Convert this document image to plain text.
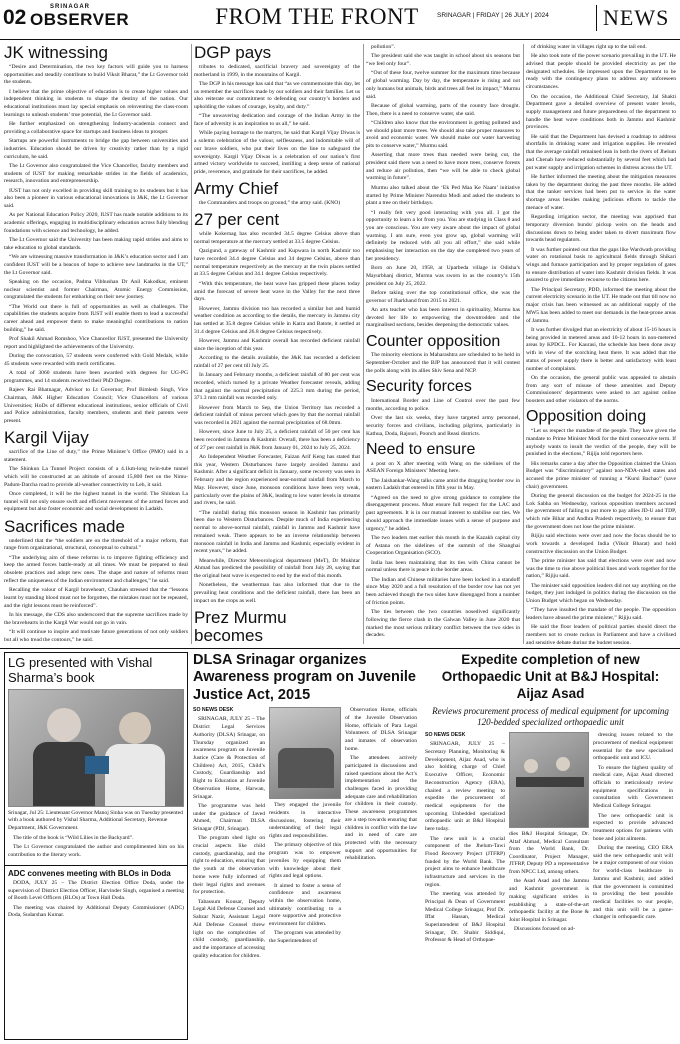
02	SRINAGAR
OBSERVER	FROM THE FRONT	SRINAGAR | FRIDAY | 26 JULY | 2024	NEWS
JK witnessing

“Desire and Determination, the two key factors will guide you to harness opportunities and steadily contribute to build Viksit Bharat,” the Lt Governor told the students.

I believe that the prime objective of education is to create higher values and independent thinking in students to shape the destiny of the nation. Our educational institutions must lay special emphasis on reinventing the class-room learnings to unleash students’ true potential, the Lt Governor said.

He further emphasized on strengthening Industry-academia connect and providing a collaborative space for startups and business ideas to prosper.

Startups are powerful instruments to bridge the gap between universities and industries. Education should be driven by creativity rather than by a rigid curriculum, he said.

The Lt Governor also congratulated the Vice Chancellor, faculty members and students of IUST for making remarkable strides in the fields of academics, research, innovation and entrepreneurship.

IUST has not only excelled in providing skill training to its students but it has also been a pioneer in various educational innovations in J&K, the Lt Governor said.

As per National Education Policy 2020, IUST has made notable additions to its academic offerings, engaging in multidisciplinary education across fully blending foundations with science and technology, he added.

The Lt Governor said the University has been making rapid strides and aims to take education to global standards.

“We are witnessing massive transformation in J&K’s education sector and I am confident IUST will be a beacon of hope to achieve new landmarks in the UT,” the Lt Governor said.

Speaking on the occasion, Padma Vibhushan Dr Anil Kakodkar, eminent nuclear scientist and former Chairman, Atomic Energy Commission, congratulated the students for embarking on their new journey.

“The World out there is full of opportunities as well as challenges. The capabilities the students acquire from IUST will enable them to lead a successful career ahead and empower them to make meaningful contributions to nation building,” he said.

Prof Shakil Ahmad Romshoo, Vice Chancellor IUST, presented the University report and highlighted the achievements of the University.

During the convocation, 57 students were conferred with Gold Medals, while 45 students were rewarded with merit certificates.

A total of 3060 students have been awarded with degrees for UG-PG programmes, and 14 students received their PhD Degree.

Rajeev Rai Bhatnagar, Advisor to Lt Governor; Prof Bimlesh Singh, Vice Chairman, J&K Higher Education Council; Vice Chancellors of various Universities; HoDs of different educational institutions, senior officials of Civil and Police administration, faculty members, students and their parents were present.

Kargil Vijay

sacrifice of the Line of duty,” the Prime Minister’s Office (PMO) said in a statement.

The Shinkun La Tunnel Project consists of a 4.1km-long twin-tube tunnel which will be constructed at an altitude of around 15,800 feet on the Nimu-Padum-Darcha road to provide all-weather connectivity to Leh, it said.

Once completed, it will be the highest tunnel in the world. The Shinkun La tunnel will not only ensure swift and efficient movement of the armed forces and equipment but also foster economic and social development in Ladakh.

Sacrifices made

underlined that the “the soldiers are on the threshold of a major reform, that range from organizational, structural, conceptual to cultural.”

“The underlying aim of these reforms is to improve fighting efficiency and keep the armed forces battle-ready at all times. We must be prepared to deal obsolete practices and adopt new ones. The shape and nature of reforms must reflect the uniqueness of the Indian environment and challenges,” he said.

Recalling the valour of Kargil braveheart, Chauhan stressed that the “lessons learnt by standing blood must not be forgotten, the mistakes must not be repeated, and the right lessons must be reinforced”.

In his message, the CDS also underscored that the supreme sacrifices made by the bravehearts in the Kargil War would not go in vain.

“It will continue to inspire and motivate future generations of not only soldiers but all who tread the contours,” he said.

DGP pays

tributes to dedicated, sacrificial bravery and sovereignty of the motherland in 1999, in the mountains of Kargil.

The DGP in his message has said that “as we commemorate this day, let us remember the sacrifices made by our soldiers and their families. Let us also reiterate our commitment to defending our country’s borders and upholding the values of courage, loyalty, and duty.”

“The unwavering dedication and courage of the Indian Army in the face of adversity is an inspiration to us all,” he said.

While paying homage to the martyrs, he said that Kargil Vijay Diwas is a solemn celebration of the valour, selflessness, and indomitable will of our brave soldiers, who put their lives on the line to safeguard the sovereignty. Kargil Vijay Diwas is a celebration of our nation’s first armed victory worldwide to succeed, instilling a deep sense of national pride, reverence, and gratitude for their sacrifices, he added.

Army Chief

the Commanders and troops on ground,” the army said. (KNO)

27 per cent

while Kokernag has also recorded 34.5 degree Celsius above than normal temperature at the mercury settled at 33.5 degree Celsius.

Qazigund, a gateway of Kashmir and Kupwara in north Kashmir too have recorded 34.4 degree Celsius and 34 degree Celsius, above than normal temperature respectively as the mercury at the twin places settled at 33.5 degree Celsius and 34.1 degree Celsius respectively.

“With this temperature, the heat wave has gripped these places today amid the forecast of severe heat wave in the Valley for the next three days.

However, Jammu division too has recorded a similar hot and humid weather condition as according to the details, the mercury in Jammu city has settled at 35.8 degree Celsius while in Katra and Batote, it settled at 31.4 degree Celsius and 26.8 degree Celsius respectively.

However, Jammu and Kashmir overall has recorded deficient rainfall since the inception of this year.

According to the details available, the J&K has recorded a deficient rainfall of 27 per cent till July 25.

In January and February months, a deficient rainfall of 80 per cent was recorded, which turned by a private Weather forecaster reveals, adding that against the normal precipitation of 225.3 mm during the period, 371.3 mm rainfall was recorded only.

However from March to Sep, the Union Territory has recorded a deficient rainfall of minus percent which goes by that the normal rainfall was recorded in 2021 against the normal precipitation of 68.0mm.

However, since June to July 25, a deficient rainfall of 50 per cent has been recorded in Jammu & Kashmir. Overall, there has been a deficiency of 27 per cent rainfall in J&K from January 01, 2024 to July 25, 2024.

An Independent Weather Forecaster, Faizan Arif Keng has stated that this year, Western Disturbances have largely avoided Jammu and Kashmir. After a significant deficit in January, some recovery was seen in February and the region experienced near-normal rainfall from March to May. However, since June, monsoon conditions have been very weak, particularly over the plains of J&K, leading to low water levels in streams and rivers, he said.

“The rainfall during this monsoon season in Kashmir has primarily been due to Western Disturbances. Despite much of India experiencing normal to above-normal rainfall, rainfall in Jammu and Kashmir have remained weak. There appears to be an inverse relationship between monsoon rainfall in India and Jammu and Kashmir, especially evident in recent years,” he added.

Meanwhile, Director Meteorological department (MeT), Dr Mukhtar Ahmad has predicted the possibility of rainfall from July 28, saying that the original heat wave is expected to end by the end of this month.

Nonetheless, the weatherman has also informed that due to the prevailing heat conditions and the deficient rainfall, there has been an impact on the crops as well.

Prez Murmu becomes

pollution”.

The president said she was taught in school about six seasons but “we feel only four”.

“Out of these four, twelve summer for the maximum time because of global warming. Day by day, the temperature is rising and not only humans but animals, birds and trees all feel its impact,” Murmu said.

Because of global warming, parts of the country face drought. Then, there is a need to conserve water, she said.

“Children also know that the environment is getting polluted and we should plant more trees. We should also take proper measures to avoid and economic water. We should make our water harvesting pits to conserve water,” Murmu said.

Asserting that more trees than needed were being cut, the president said there was a need to have more trees, conserve forests and reduce air pollution, then “we will be able to check global warming in future”.

Murmu also talked about the ‘Ek Ped Maa Ke Naam’ initiative started by Prime Minister Narendra Modi and asked the students to plant a tree on their birthdays.

“I really felt very good interacting with you all. I got the opportunity to learn a lot from you. You are studying in Class 8 and you are conscious. You are very aware about the impact of global warming. I am sure, even you grow up, global warming will definitely be reduced with all you all effort,” she said while emphasising her interaction on the day she completed two years of her presidency.

Born on June 20, 1958, at Uparbeda village in Odisha’s Mayurbhanj district, Murmu was sworn in as the country’s 15th president on July 25, 2022.

Before taking over the top constitutional office, she was the governor of Jharkhand from 2015 to 2021.

An arts teacher who has been interest in spirituality, Murmu has devoted her life to empowering the downtrodden and the marginalised sections, besides deepening the democratic values.

Counter opposition

The minority elections in Maharashtra are scheduled to be held in September-October and the BJP has announced that it will contest the polls along with its allies Shiv Sena and NCP.

Security forces

International Border and Line of Control over the past few months, according to police.

Over the last six weeks, they have targeted army personnel, security forces and civilians, including pilgrims, particularly in Kathua, Doda, Rajouri, Poonch and Reasi districts.

Need to ensure

a post on X after meeting with Wang on the sidelines of the ASEAN Foreign Ministers’ Meeting here.

The Jaishankar-Wang talks came amid the dragging border row in eastern Ladakh that entered its fifth year in May.

“Agreed on the need to give strong guidance to complete the disengagement process. Must ensure full respect for the LAC and past agreements. It is in our mutual interest to stabilise our ties. We should approach the immediate issues with a sense of purpose and urgency,” he added.

The two leaders met earlier this month in the Kazakh capital city of Astana on the sidelines of the summit of the Shanghai Cooperation Organisation (SCO).

India has been maintaining that its ties with China cannot be normal unless there is peace in the border areas.

The Indian and Chinese militaries have been locked in a standoff since May 2020 and a full resolution of the border row has not yet been achieved though the two sides have disengaged from a number of friction points.

The ties between the two countries nosedived significantly following the fierce clash in the Galwan Valley in June 2020 that marked the most serious military conflict between the two sides in decades.

of drinking water in villages right up to the tail end.

He also took note of the power scenario prevailing in the UT. He advised that people should be provided electricity as per the designated schedules. He impressed upon the Department to be ready with the contingency plans to address any unforeseen circumstances.

On the occasion, the Additional Chief Secretary, Jal Shakti Department gave a detailed overview of present water levels, supply management and future preparedness of the department to handle the heat wave conditions both in Jammu and Kashmir provinces.

He said that the Department has devised a roadmap to address shortfalls in drinking water and irrigation supplies. He revealed that the average rainfall remained lean in both the rivers of Jhelum and Chenab have reduced substantially by several feet which had put water supply and irrigation schemes in distress across the UT.

He further informed the meeting about the mitigation measures taken by the department during the past three months. He added that the tanker services had been put to service in the water shortage areas besides making judicious efforts to tackle the menace of water.

Regarding irrigation sector, the meeting was apprised that temporary diversion bunds/ pickup weirs on the heads and discussions down to being under taken to divert maximum flow towards head regulators.

It was further pointed out that the gaps like Wardwath providing water on rotational basis to agricultural fields through Shikari wings and furnace participation and by proper regulation of gates to ensure distribution of water into Kashmir division fields. It was assured to give immediate recourse to the citizens here.

The Principal Secretary, PDD, informed the meeting about the current electricity scenario in the UT. He made out that till now no major crisis has been witnessed as an additional supply of the MW5 has been added to meet our demands in the heat-prone areas of Jammu.

It was further divulged that an electricity of about 15-16 hours is being provided in metered areas and 10-12 hours in non-metered areas by KPDCL. For Kaurasi, the schedule has been done away with in view of the scorching heat there. It was added that the status of power supply there is better and satisfactory with least number of complaints.

On the occasion, the general public was appealed to abstain from any sort of misuse of these amenities and Deputy Commissioners’ departments were asked to act against online boosters and other violators of the norms.

Opposition doing

“Let us respect the mandate of the people. They have given the mandate to Prime Minister Modi for the third consecutive term. If anybody wants to insult the verdict of the people, they will be punished in the elections,” Rijiju told reporters here.

His remarks came a day after the Opposition claimed the Union Budget was “discriminatory” against non-NDA-ruled states and accused the prime minister of running a “Kursi Bachao” (save chair) government.

During the general discussion on the budget for 2024-25 in the Lok Sabha on Wednesday, various opposition members accused the government of failing to put more to pay allies JD-U and TDP, which rule Bihar and Andhra Pradesh respectively, to ensure that the government does not lose the prime minister.

Rijiju said elections were over and now the focus should be to work towards a developed India (Viksit Bharat) and hold constructive discussion on the Union Budget.

The prime minister has said that elections were over and now was the time to rise above political lines and work together for the nation,” Rijiju said.

The minister said opposition leaders did not say anything on the budget, they just indulged in politics during the discussion on the Union Budget which began on Wednesday.

“They have insulted the mandate of the people. The opposition leaders have abused the prime minister,” Rijiju said.

He said the floor leaders of political parties should direct the members not to create ruckus in Parliament and have a civilised and sensitive debate during the budget session.

LG presented with Vishal Sharma’s book
Srinagar, Jul 25: Lieutenant Governor Manoj Sinha was on Tuesday presented with a book authored by Vishal Sharma, Additional Secretary, Revenue Department, J&K Government.

The title of the book is “Wild Lilies in the Backyard”.

The Lt Governor congratulated the author and complimented him on his contribution to the literary work.

ADC convenes meeting with BLOs in Doda

DODA, JULY 25 – The District Election Office Doda, under the supervision of District Election Officer, Harvinder Singh, organised a meeting of Booth Level Officers (BLOs) at Town Hall Doda.

The meeting was chaired by Additional Deputy Commissioner (ADC) Doda, Sudarshan Kumar.

DLSA Srinagar organizes Awareness program on Juvenile Justice Act, 2015
SO NEWS DESK

SRINAGAR, JULY 25 – The District Legal Services Authority (DLSA) Srinagar, on Thursday organized an awareness program on Juvenile Justice (Care & Protection of Children) Act, 2015, Child’s Custody, Guardianship and Right to Education at Juvenile Observation Home, Harwan, Srinagar.

The programme was held under the guidance of Javed Ahmed, Chairman DLSA Srinagar (PDJ, Srinagar).

The program shed light on crucial aspects like child custody, guardianship, and the right to education, ensuring that the youth at the observation home were fully informed of their legal rights and avenues for protection.

Tabassum Kousar, Deputy Legal Aid Defense Counsel and Sabzar Nazir, Assistant Legal Aid Defense Counsel threw light on the complexities of child custody, guardianship, and the importance of accessing quality education for children.

They engaged the juvenile residents in interactive discussions, fostering their understanding of their legal rights and responsibilities.

The primary objective of this program was to empower juveniles by equipping them with knowledge about their rights and legal options.

It aimed to foster a sense of confidence and awareness within the observation home, ultimately contributing to a more supportive and protective environment for children.

The program was attended by the Superintendent of

Observation Home, officials of the Juvenile Observation Home, officials of Para Legal Volunteers of DLSA Srinagar and inmates of observation home.

The attendees actively participated in discussions and raised questions about the Act’s implementation and the challenges faced in providing adequate care and rehabilitation for children in their custody. These awareness programmes are a step towards ensuring that children in conflict with the law and in need of care are protected with the necessary support and opportunities for rehabilitation.

Expedite completion of new Orthopaedic Unit at B&J Hospital: Aijaz Asad
Reviews procurement process of medical equipment for upcoming 120-bedded specialized orthopaedic unit
SO NEWS DESK

SRINAGAR, JULY 25 – Secretary Planning, Monitoring & Development, Aijaz Asad, who is also holding charge of Chief Executive Officer, Economic Reconstruction Agency (ERA), chaired a review meeting to expedite the procurement of medical equipments for the upcoming Unbedded specialized orthopaedic unit at B&J Hospital here today.

The new unit is a crucial component of the Jhelum-Tawi Flood Recovery Project (JTFRP) funded by the World Bank. The project aims to enhance healthcare infrastructure and services in the region.

The meeting was attended by Principal & Dean of Government Medical College Srinagar, Prof Dr. Iffat Hassan, Medical Superintendent of B&J Hospital Srinagar, Dr. Shabir Siddiqui, Professor & Head of Orthopae-

dies B&J Hospital Srinagar, Dr. Altaf Ahmad, Medical Consultant from the World Bank, Dr. Coordinator, Project Manager, JTFRP, Deputy PD a representative from NPCC Ltd, among others.

the Asad Asad and the Jammu and Kashmir government is making significant strides in establishing a state-of-the-art orthopaedic facility at the Bone & Joint Hospital in Srinagar.

Discussions focused on ad-

dressing issues related to the procurement of medical equipment essential for the new specialised orthopaedic unit and ICU.

To ensure the highest quality of medical care, Aijaz Asad directed officials to meticulously review equipment specifications in consultation with Government Medical College Srinagar.

The new orthopaedic unit is expected to provide advanced treatment options for patients with bone and joint ailments.

During the meeting, CEO ERA said the new orthopaedic unit will be a major component of our vision for world-class healthcare in Jammu and Kashmir, and added that the government is committed to providing the best possible medical facilities to our people, and this unit will be a game-changer in orthopaedic care.
